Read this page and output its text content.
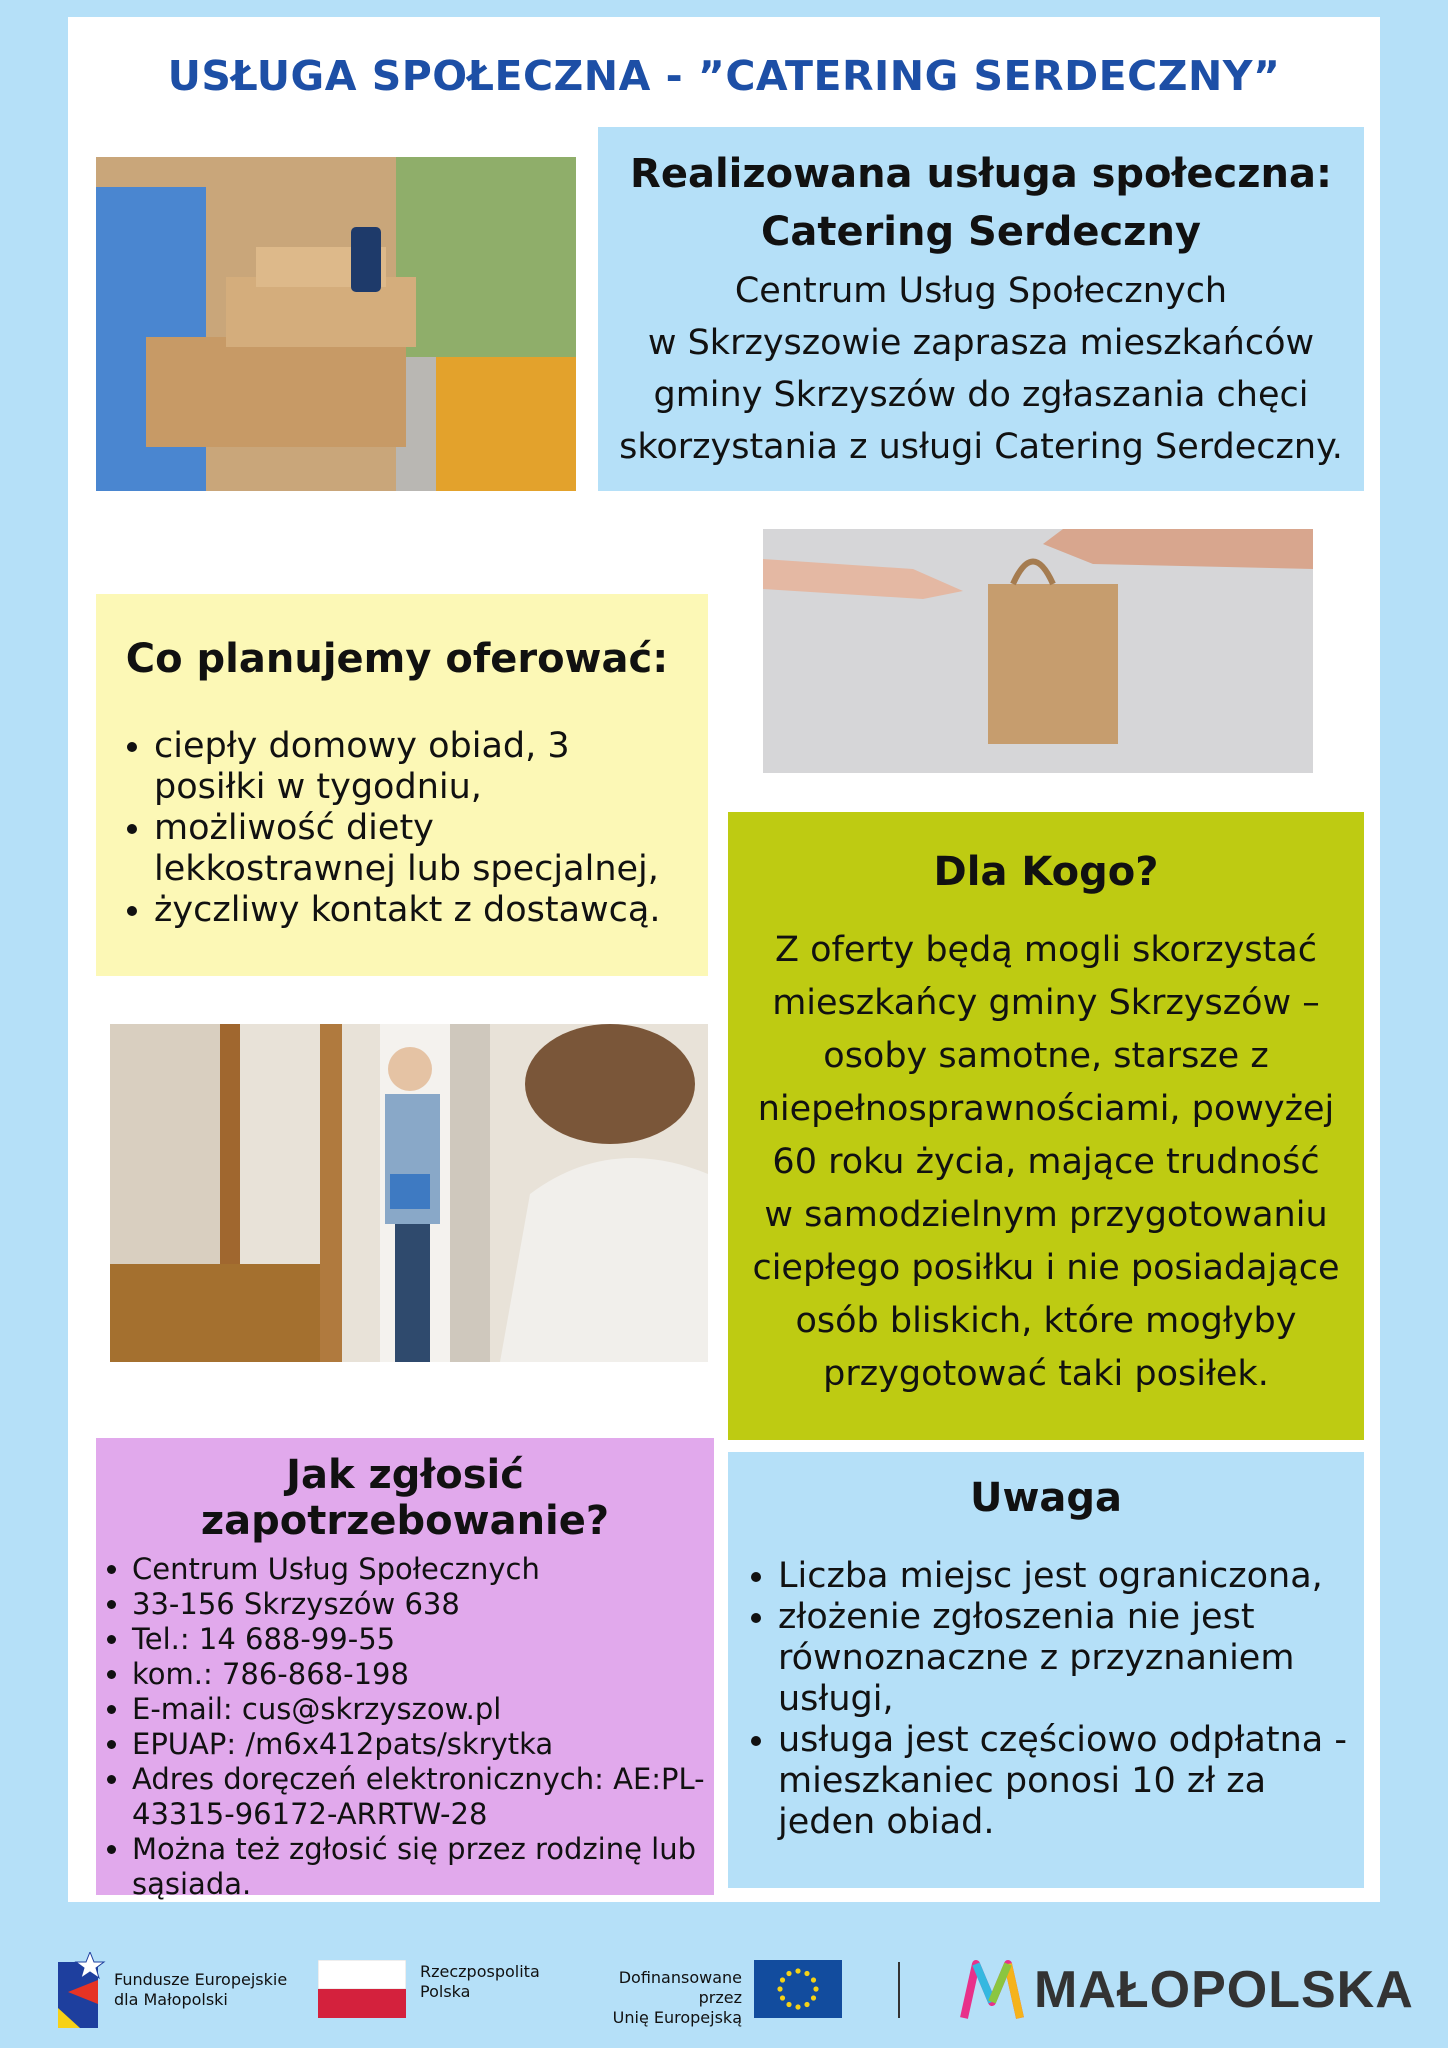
USŁUGA SPOŁECZNA - ”CATERING SERDECZNY”
Realizowana usługa społeczna:
Catering Serdeczny
Centrum Usług Społecznych
w Skrzyszowie zaprasza mieszkańców
gminy Skrzyszów do zgłaszania chęci
skorzystania z usługi Catering Serdeczny.
Co planujemy oferować:
• ciepły domowy obiad, 3 posiłki w tygodniu,
• możliwość diety lekkostrawnej lub specjalnej,
• życzliwy kontakt z dostawcą.
Dla Kogo?
Z oferty będą mogli skorzystać
mieszkańcy gminy Skrzyszów –
osoby samotne, starsze z
niepełnosprawnościami, powyżej
60 roku życia, mające trudność
w samodzielnym przygotowaniu
ciepłego posiłku i nie posiadające
osób bliskich, które mogłyby
przygotować taki posiłek.
Jak zgłosić
zapotrzebowanie?
• Centrum Usług Społecznych
• 33-156 Skrzyszów 638
• Tel.: 14 688-99-55
• kom.: 786-868-198
• E-mail: cus@skrzyszow.pl
• EPUAP: /m6x412pats/skrytka
• Adres doręczeń elektronicznych: AE:PL-43315-96172-ARRTW-28
• Można też zgłosić się przez rodzinę lub sąsiada.
Uwaga
• Liczba miejsc jest ograniczona,
• złożenie zgłoszenia nie jest równoznaczne z przyznaniem usługi,
• usługa jest częściowo odpłatna - mieszkaniec ponosi 10 zł za jeden obiad.
Fundusze Europejskie
dla Małopolski
Rzeczpospolita
Polska
Dofinansowane przez
Unię Europejską	MAŁOPOLSKA
